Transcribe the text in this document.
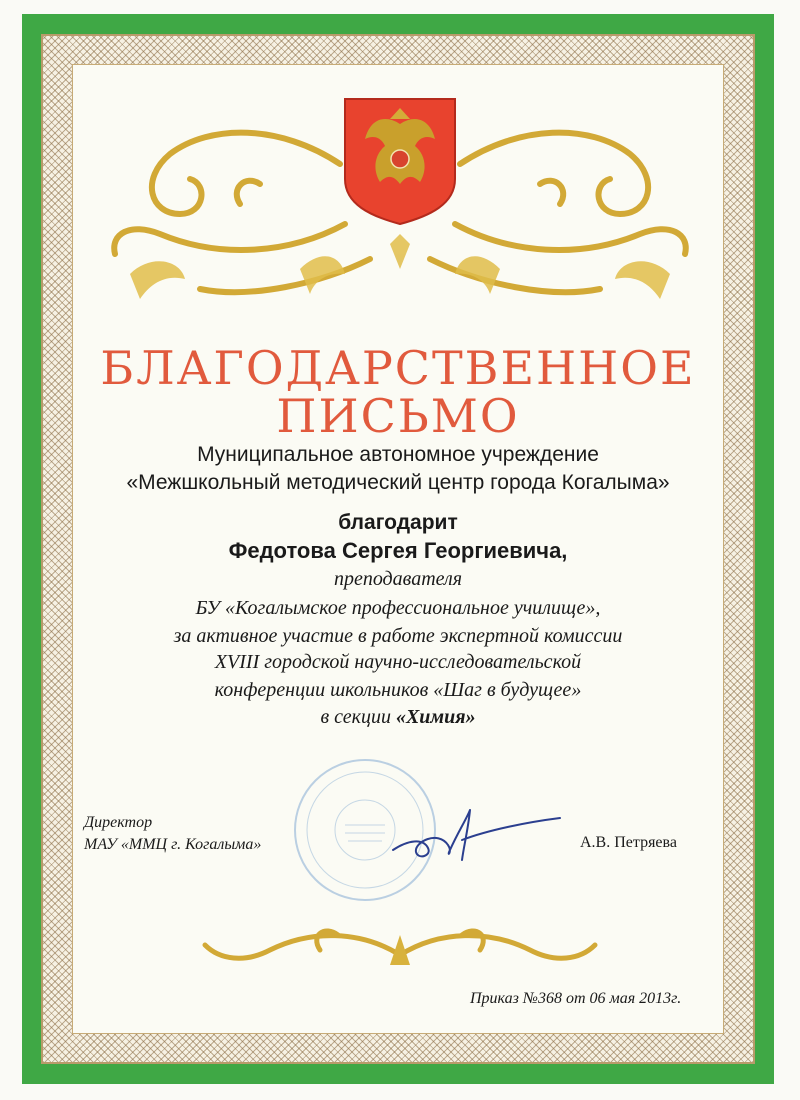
БЛАГОДАРСТВЕННОЕ
ПИСЬМО
Муниципальное автономное учреждение
«Межшкольный методический центр города Когалыма»
благодарит
Федотова Сергея Георгиевича,
преподавателя
БУ «Когалымское профессиональное училище»,
за активное участие в работе экспертной комиссии
XVIII городской научно-исследовательской
конференции школьников «Шаг в будущее»
в секции «Химия»
Директор
МАУ «ММЦ г. Когалыма»	А.В. Петряева
Приказ №368 от 06 мая 2013г.
